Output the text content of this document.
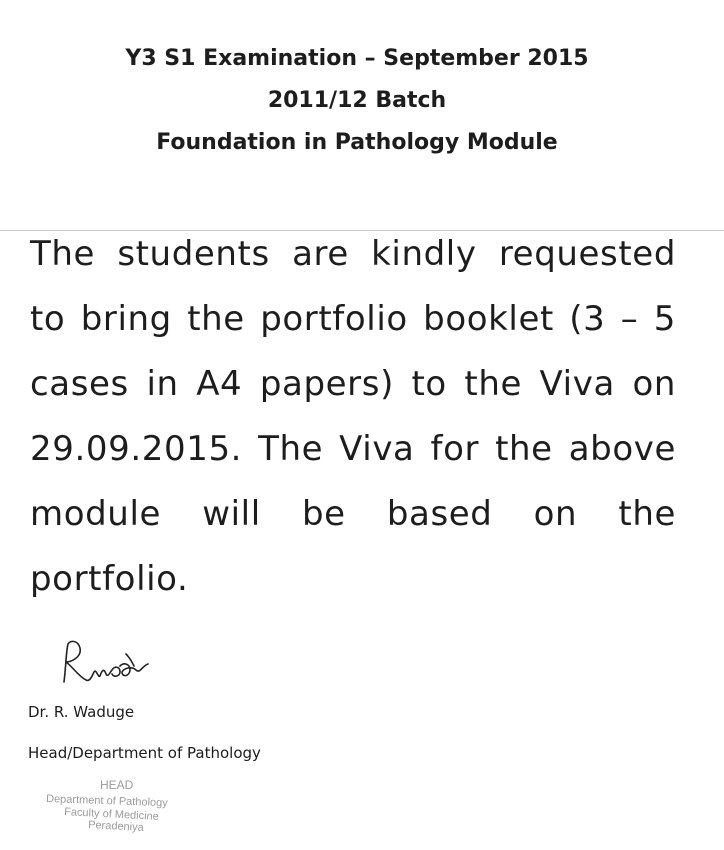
Y3 S1 Examination – September 2015
2011/12 Batch
Foundation in Pathology Module

The students are kindly requested to bring the portfolio booklet (3 – 5 cases in A4 papers) to the Viva on 29.09.2015. The Viva for the above module will be based on the portfolio.

Dr. R. Waduge
Head/Department of Pathology
HEAD
Department of Pathology
Faculty of Medicine
Peradeniya
